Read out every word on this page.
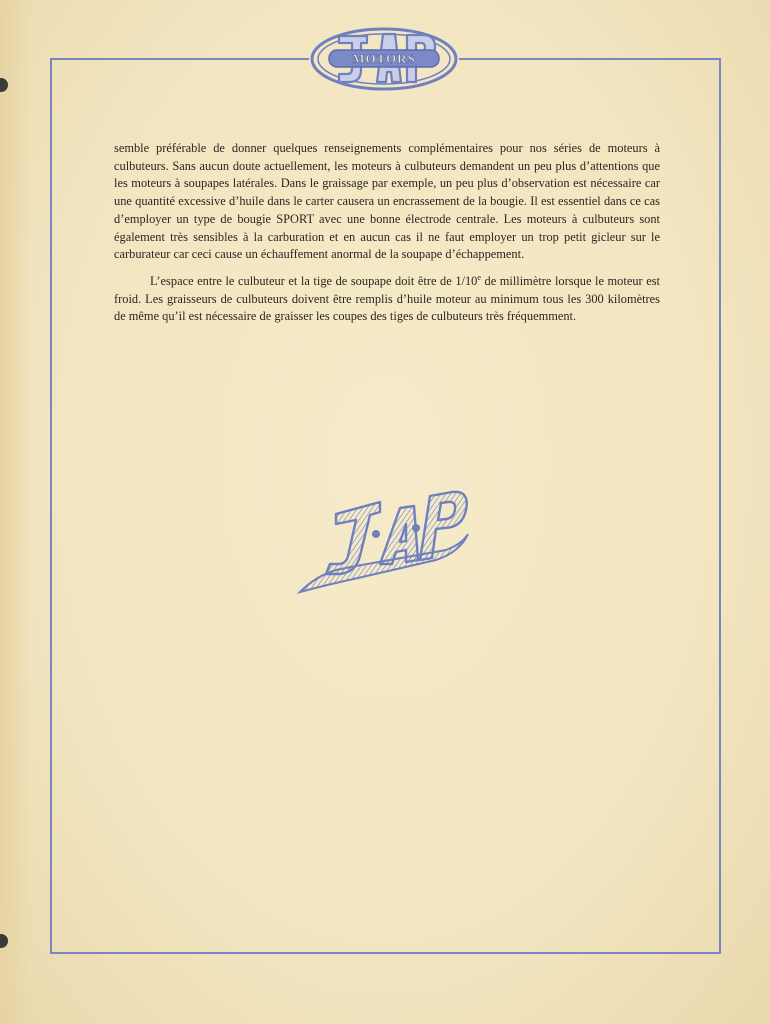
MOTORS

semble préférable de donner quelques renseignements complémentaires pour nos séries de moteurs à culbuteurs. Sans aucun doute actuellement, les moteurs à culbuteurs demandent un peu plus d’attentions que les moteurs à soupapes latérales. Dans le graissage par exemple, un peu plus d’observation est nécessaire car une quantité excessive d’huile dans le carter causera un encrassement de la bougie. Il est essentiel dans ce cas d’employer un type de bougie SPORT avec une bonne électrode centrale. Les moteurs à culbuteurs sont également très sensibles à la carburation et en aucun cas il ne faut employer un trop petit gicleur sur le carburateur car ceci cause un échauffement anormal de la soupape d’échappement.

L’espace entre le culbuteur et la tige de soupape doit être de 1/10e de millimètre lorsque le moteur est froid. Les graisseurs de culbuteurs doivent être remplis d’huile moteur au minimum tous les 300 kilomètres de même qu’il est nécessaire de graisser les coupes des tiges de culbuteurs très fréquemment.
